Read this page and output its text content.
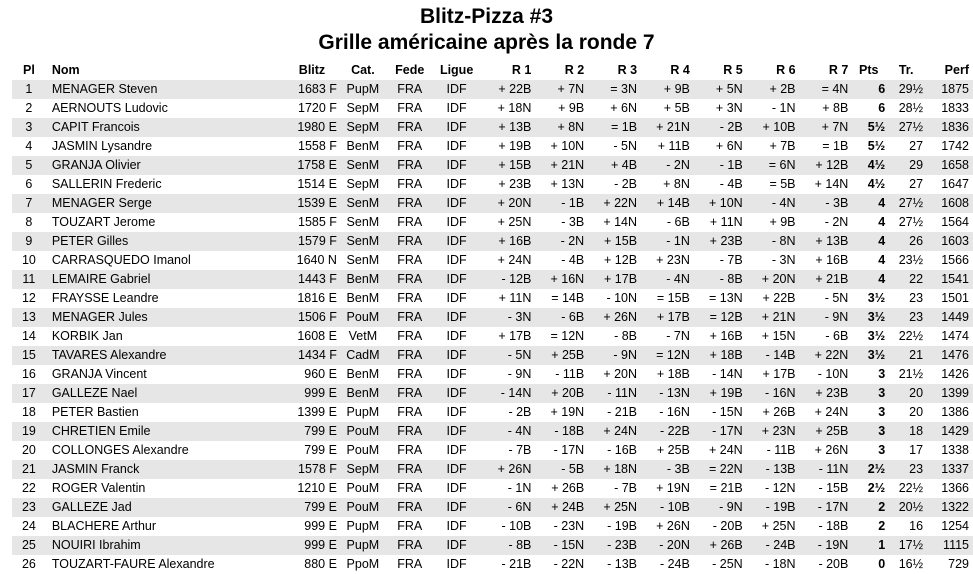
Blitz-Pizza #3
Grille américaine après la ronde 7
Pl	Nom	Blitz	Cat.	Fede	Ligue	R 1	R 2	R 3	R 4	R 5	R 6	R 7	Pts	Tr.	Perf
1	MENAGER Steven	1683 F	PupM	FRA	IDF	+ 22B	+ 7N	= 3N	+ 9B	+ 5N	+ 2B	= 4N	6	29½	1875
2	AERNOUTS Ludovic	1720 F	SepM	FRA	IDF	+ 18N	+ 9B	+ 6N	+ 5B	+ 3N	- 1N	+ 8B	6	28½	1833
3	CAPIT Francois	1980 E	SepM	FRA	IDF	+ 13B	+ 8N	= 1B	+ 21N	- 2B	+ 10B	+ 7N	5½	27½	1836
4	JASMIN Lysandre	1558 F	BenM	FRA	IDF	+ 19B	+ 10N	- 5N	+ 11B	+ 6N	+ 7B	= 1B	5½	27	1742
5	GRANJA Olivier	1758 E	SenM	FRA	IDF	+ 15B	+ 21N	+ 4B	- 2N	- 1B	= 6N	+ 12B	4½	29	1658
6	SALLERIN Frederic	1514 E	SepM	FRA	IDF	+ 23B	+ 13N	- 2B	+ 8N	- 4B	= 5B	+ 14N	4½	27	1647
7	MENAGER Serge	1539 E	SenM	FRA	IDF	+ 20N	- 1B	+ 22N	+ 14B	+ 10N	- 4N	- 3B	4	27½	1608
8	TOUZART Jerome	1585 F	SenM	FRA	IDF	+ 25N	- 3B	+ 14N	- 6B	+ 11N	+ 9B	- 2N	4	27½	1564
9	PETER Gilles	1579 F	SenM	FRA	IDF	+ 16B	- 2N	+ 15B	- 1N	+ 23B	- 8N	+ 13B	4	26	1603
10	CARRASQUEDO Imanol	1640 N	SenM	FRA	IDF	+ 24N	- 4B	+ 12B	+ 23N	- 7B	- 3N	+ 16B	4	23½	1566
11	LEMAIRE Gabriel	1443 F	BenM	FRA	IDF	- 12B	+ 16N	+ 17B	- 4N	- 8B	+ 20N	+ 21B	4	22	1541
12	FRAYSSE Leandre	1816 E	BenM	FRA	IDF	+ 11N	= 14B	- 10N	= 15B	= 13N	+ 22B	- 5N	3½	23	1501
13	MENAGER Jules	1506 F	PouM	FRA	IDF	- 3N	- 6B	+ 26N	+ 17B	= 12B	+ 21N	- 9N	3½	23	1449
14	KORBIK Jan	1608 E	VetM	FRA	IDF	+ 17B	= 12N	- 8B	- 7N	+ 16B	+ 15N	- 6B	3½	22½	1474
15	TAVARES Alexandre	1434 F	CadM	FRA	IDF	- 5N	+ 25B	- 9N	= 12N	+ 18B	- 14B	+ 22N	3½	21	1476
16	GRANJA Vincent	960 E	BenM	FRA	IDF	- 9N	- 11B	+ 20N	+ 18B	- 14N	+ 17B	- 10N	3	21½	1426
17	GALLEZE Nael	999 E	BenM	FRA	IDF	- 14N	+ 20B	- 11N	- 13N	+ 19B	- 16N	+ 23B	3	20	1399
18	PETER Bastien	1399 E	PupM	FRA	IDF	- 2B	+ 19N	- 21B	- 16N	- 15N	+ 26B	+ 24N	3	20	1386
19	CHRETIEN Emile	799 E	PouM	FRA	IDF	- 4N	- 18B	+ 24N	- 22B	- 17N	+ 23N	+ 25B	3	18	1429
20	COLLONGES Alexandre	799 E	PouM	FRA	IDF	- 7B	- 17N	- 16B	+ 25B	+ 24N	- 11B	+ 26N	3	17	1338
21	JASMIN Franck	1578 F	SepM	FRA	IDF	+ 26N	- 5B	+ 18N	- 3B	= 22N	- 13B	- 11N	2½	23	1337
22	ROGER Valentin	1210 E	PouM	FRA	IDF	- 1N	+ 26B	- 7B	+ 19N	= 21B	- 12N	- 15B	2½	22½	1366
23	GALLEZE Jad	799 E	PouM	FRA	IDF	- 6N	+ 24B	+ 25N	- 10B	- 9N	- 19B	- 17N	2	20½	1322
24	BLACHERE Arthur	999 E	PupM	FRA	IDF	- 10B	- 23N	- 19B	+ 26N	- 20B	+ 25N	- 18B	2	16	1254
25	NOUIRI Ibrahim	999 E	PupM	FRA	IDF	- 8B	- 15N	- 23B	- 20N	+ 26B	- 24B	- 19N	1	17½	1115
26	TOUZART-FAURE Alexandre	880 E	PpoM	FRA	IDF	- 21B	- 22N	- 13B	- 24B	- 25N	- 18N	- 20B	0	16½	729
